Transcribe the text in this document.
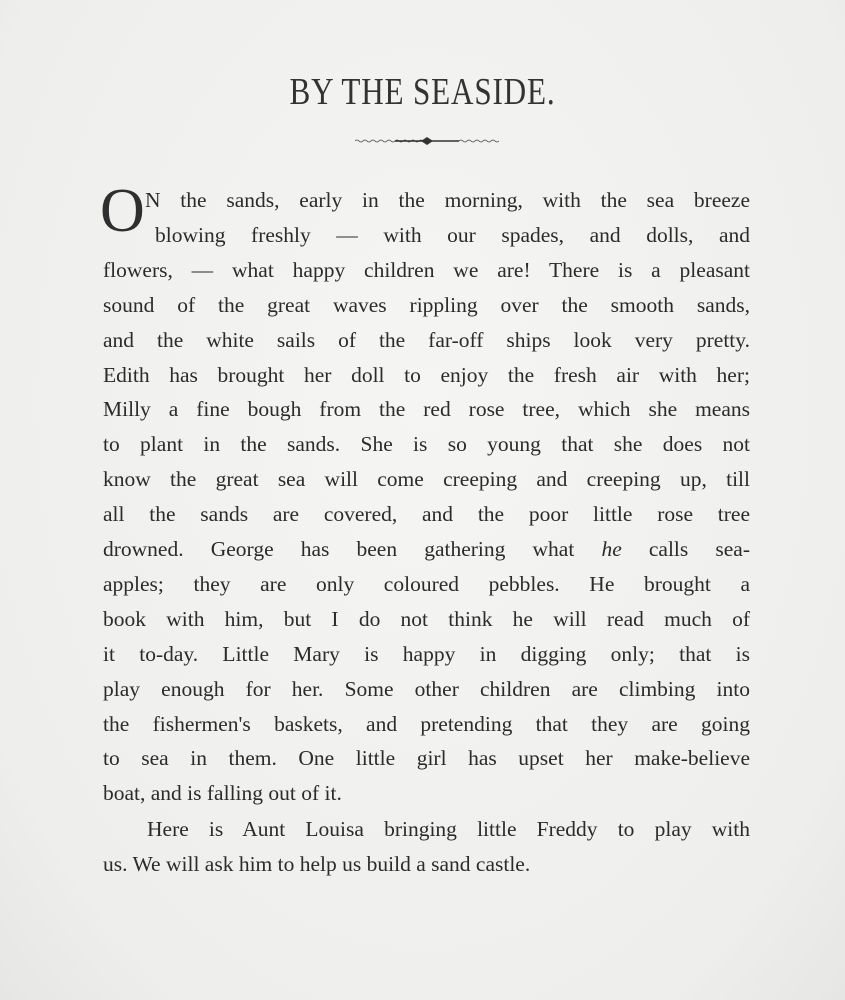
BY THE SEASIDE.
O N the sands, early in the morning, with the sea breeze
blowing freshly — with our spades, and dolls, and
flowers, — what happy children we are! There is a pleasant
sound of the great waves rippling over the smooth sands,
and the white sails of the far-off ships look very pretty.
Edith has brought her doll to enjoy the fresh air with her;
Milly a fine bough from the red rose tree, which she means
to plant in the sands. She is so young that she does not
know the great sea will come creeping and creeping up, till
all the sands are covered, and the poor little rose tree
drowned. George has been gathering what he calls sea-
apples; they are only coloured pebbles. He brought a
book with him, but I do not think he will read much of
it to-day. Little Mary is happy in digging only; that is
play enough for her. Some other children are climbing into
the fishermen's baskets, and pretending that they are going
to sea in them. One little girl has upset her make-believe
boat, and is falling out of it.
Here is Aunt Louisa bringing little Freddy to play with
us. We will ask him to help us build a sand castle.
